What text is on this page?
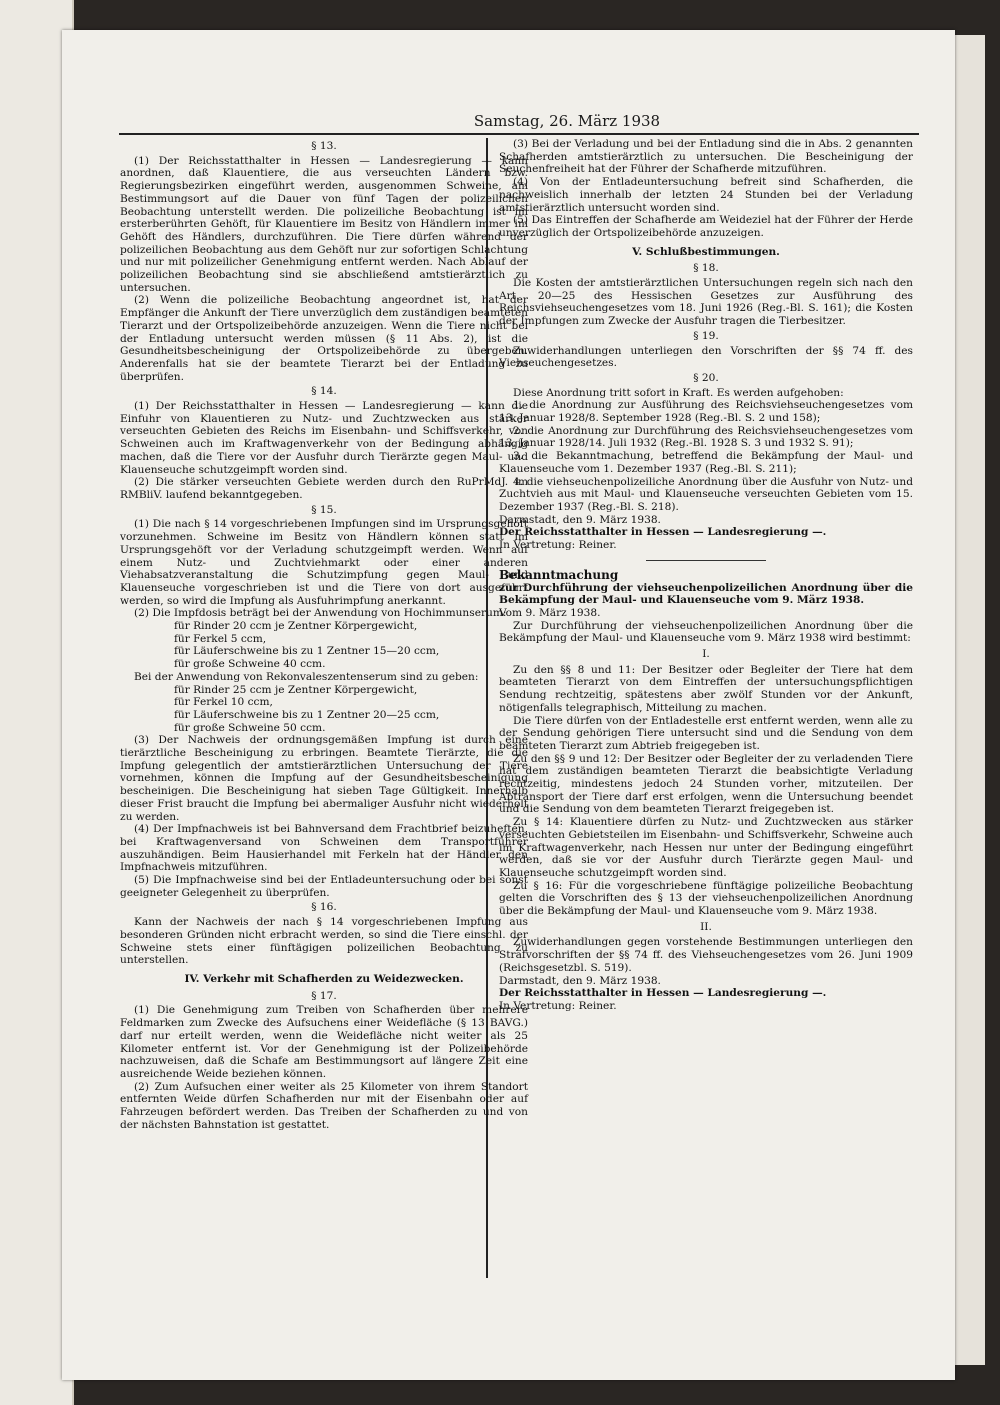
Samstag, 26. März 1938
§ 13.

(1) Der Reichsstatthalter in Hessen — Landesregierung — kann anordnen, daß Klauentiere, die aus verseuchten Ländern bzw. Regierungsbezirken eingeführt werden, ausgenommen Schweine, am Bestimmungsort auf die Dauer von fünf Tagen der polizeilichen Beobachtung unterstellt werden. Die polizeiliche Beobachtung ist im ersterberührten Gehöft, für Klauentiere im Besitz von Händlern immer im Gehöft des Händlers, durchzuführen. Die Tiere dürfen während der polizeilichen Beobachtung aus dem Gehöft nur zur sofortigen Schlachtung und nur mit polizeilicher Genehmigung entfernt werden. Nach Ablauf der polizeilichen Beobachtung sind sie abschließend amtstierärztlich zu untersuchen.

(2) Wenn die polizeiliche Beobachtung angeordnet ist, hat der Empfänger die Ankunft der Tiere unverzüglich dem zuständigen beamteten Tierarzt und der Ortspolizeibehörde anzuzeigen. Wenn die Tiere nicht bei der Entladung untersucht werden müssen (§ 11 Abs. 2), ist die Gesundheitsbescheinigung der Ortspolizeibehörde zu übergeben. Anderenfalls hat sie der beamtete Tierarzt bei der Entladung zu überprüfen.

§ 14.

(1) Der Reichsstatthalter in Hessen — Landesregierung — kann die Einfuhr von Klauentieren zu Nutz- und Zuchtzwecken aus stärker verseuchten Gebieten des Reichs im Eisenbahn- und Schiffsverkehr, von Schweinen auch im Kraftwagenverkehr von der Bedingung abhängig machen, daß die Tiere vor der Ausfuhr durch Tierärzte gegen Maul- und Klauenseuche schutzgeimpft worden sind.

(2) Die stärker verseuchten Gebiete werden durch den RuPrMdJ. im RMBliV. laufend bekanntgegeben.

§ 15.

(1) Die nach § 14 vorgeschriebenen Impfungen sind im Ursprungsgehöft vorzunehmen. Schweine im Besitz von Händlern können statt im Ursprungsgehöft vor der Verladung schutzgeimpft werden. Wenn auf einem Nutz- und Zuchtviehmarkt oder einer anderen Viehabsatzveranstaltung die Schutzimpfung gegen Maul- und Klauenseuche vorgeschrieben ist und die Tiere von dort ausgeführt werden, so wird die Impfung als Ausfuhrimpfung anerkannt.

(2) Die Impfdosis beträgt bei der Anwendung von Hochimmunserum:

für Rinder 20 ccm je Zentner Körpergewicht,

für Ferkel 5 ccm,

für Läuferschweine bis zu 1 Zentner 15—20 ccm,

für große Schweine 40 ccm.

Bei der Anwendung von Rekonvaleszentenserum sind zu geben:

für Rinder 25 ccm je Zentner Körpergewicht,

für Ferkel 10 ccm,

für Läuferschweine bis zu 1 Zentner 20—25 ccm,

für große Schweine 50 ccm.

(3) Der Nachweis der ordnungsgemäßen Impfung ist durch eine tierärztliche Bescheinigung zu erbringen. Beamtete Tierärzte, die die Impfung gelegentlich der amtstierärztlichen Untersuchung der Tiere vornehmen, können die Impfung auf der Gesundheitsbescheinigung bescheinigen. Die Bescheinigung hat sieben Tage Gültigkeit. Innerhalb dieser Frist braucht die Impfung bei abermaliger Ausfuhr nicht wiederholt zu werden.

(4) Der Impfnachweis ist bei Bahnversand dem Frachtbrief beizuheften, bei Kraftwagenversand von Schweinen dem Transportführer auszuhändigen. Beim Hausierhandel mit Ferkeln hat der Händler den Impfnachweis mitzuführen.

(5) Die Impfnachweise sind bei der Entladeuntersuchung oder bei sonst geeigneter Gelegenheit zu überprüfen.

§ 16.

Kann der Nachweis der nach § 14 vorgeschriebenen Impfung aus besonderen Gründen nicht erbracht werden, so sind die Tiere einschl. der Schweine stets einer fünftägigen polizeilichen Beobachtung zu unterstellen.

IV. Verkehr mit Schafherden zu Weidezwecken.
§ 17.

(1) Die Genehmigung zum Treiben von Schafherden über mehrere Feldmarken zum Zwecke des Aufsuchens einer Weidefläche (§ 13 BAVG.) darf nur erteilt werden, wenn die Weidefläche nicht weiter als 25 Kilometer entfernt ist. Vor der Genehmigung ist der Polizeibehörde nachzuweisen, daß die Schafe am Bestimmungsort auf längere Zeit eine ausreichende Weide beziehen können.

(2) Zum Aufsuchen einer weiter als 25 Kilometer von ihrem Standort entfernten Weide dürfen Schafherden nur mit der Eisenbahn oder auf Fahrzeugen befördert werden. Das Treiben der Schafherden zu und von der nächsten Bahnstation ist gestattet.

(3) Bei der Verladung und bei der Entladung sind die in Abs. 2 genannten Schafherden amtstierärztlich zu untersuchen. Die Bescheinigung der Seuchenfreiheit hat der Führer der Schafherde mitzuführen.

(4) Von der Entladeuntersuchung befreit sind Schafherden, die nachweislich innerhalb der letzten 24 Stunden bei der Verladung amtstierärztlich untersucht worden sind.

(5) Das Eintreffen der Schafherde am Weideziel hat der Führer der Herde unverzüglich der Ortspolizeibehörde anzuzeigen.

V. Schlußbestimmungen.
§ 18.

Die Kosten der amtstierärztlichen Untersuchungen regeln sich nach den Art. 20—25 des Hessischen Gesetzes zur Ausführung des Reichsviehseuchengesetzes vom 18. Juni 1926 (Reg.-Bl. S. 161); die Kosten der Impfungen zum Zwecke der Ausfuhr tragen die Tierbesitzer.

§ 19.

Zuwiderhandlungen unterliegen den Vorschriften der §§ 74 ff. des Viehseuchengesetzes.

§ 20.

Diese Anordnung tritt sofort in Kraft. Es werden aufgehoben:

1. die Anordnung zur Ausführung des Reichsviehseuchengesetzes vom 13. Januar 1928/8. September 1928 (Reg.-Bl. S. 2 und 158);

2. die Anordnung zur Durchführung des Reichsviehseuchengesetzes vom 13. Januar 1928/14. Juli 1932 (Reg.-Bl. 1928 S. 3 und 1932 S. 91);

3. die Bekanntmachung, betreffend die Bekämpfung der Maul- und Klauenseuche vom 1. Dezember 1937 (Reg.-Bl. S. 211);

4. die viehseuchenpolizeiliche Anordnung über die Ausfuhr von Nutz- und Zuchtvieh aus mit Maul- und Klauenseuche verseuchten Gebieten vom 15. Dezember 1937 (Reg.-Bl. S. 218).

Darmstadt, den 9. März 1938.

Der Reichsstatthalter in Hessen — Landesregierung —.

In Vertretung: Reiner.

Bekanntmachung

zur Durchführung der viehseuchenpolizeilichen Anordnung über die Bekämpfung der Maul- und Klauenseuche vom 9. März 1938.

Vom 9. März 1938.

Zur Durchführung der viehseuchenpolizeilichen Anordnung über die Bekämpfung der Maul- und Klauenseuche vom 9. März 1938 wird bestimmt:

I.

Zu den §§ 8 und 11: Der Besitzer oder Begleiter der Tiere hat dem beamteten Tierarzt von dem Eintreffen der untersuchungspflichtigen Sendung rechtzeitig, spätestens aber zwölf Stunden vor der Ankunft, nötigenfalls telegraphisch, Mitteilung zu machen.

Die Tiere dürfen von der Entladestelle erst entfernt werden, wenn alle zu der Sendung gehörigen Tiere untersucht sind und die Sendung von dem beamteten Tierarzt zum Abtrieb freigegeben ist.

Zu den §§ 9 und 12: Der Besitzer oder Begleiter der zu verladenden Tiere hat dem zuständigen beamteten Tierarzt die beabsichtigte Verladung rechtzeitig, mindestens jedoch 24 Stunden vorher, mitzuteilen. Der Abtransport der Tiere darf erst erfolgen, wenn die Untersuchung beendet und die Sendung von dem beamteten Tierarzt freigegeben ist.

Zu § 14: Klauentiere dürfen zu Nutz- und Zuchtzwecken aus stärker verseuchten Gebietsteilen im Eisenbahn- und Schiffsverkehr, Schweine auch im Kraftwagenverkehr, nach Hessen nur unter der Bedingung eingeführt werden, daß sie vor der Ausfuhr durch Tierärzte gegen Maul- und Klauenseuche schutzgeimpft worden sind.

Zu § 16: Für die vorgeschriebene fünftägige polizeiliche Beobachtung gelten die Vorschriften des § 13 der viehseuchenpolizeilichen Anordnung über die Bekämpfung der Maul- und Klauenseuche vom 9. März 1938.

II.

Zuwiderhandlungen gegen vorstehende Bestimmungen unterliegen den Strafvorschriften der §§ 74 ff. des Viehseuchengesetzes vom 26. Juni 1909 (Reichsgesetzbl. S. 519).

Darmstadt, den 9. März 1938.

Der Reichsstatthalter in Hessen — Landesregierung —.

In Vertretung: Reiner.
